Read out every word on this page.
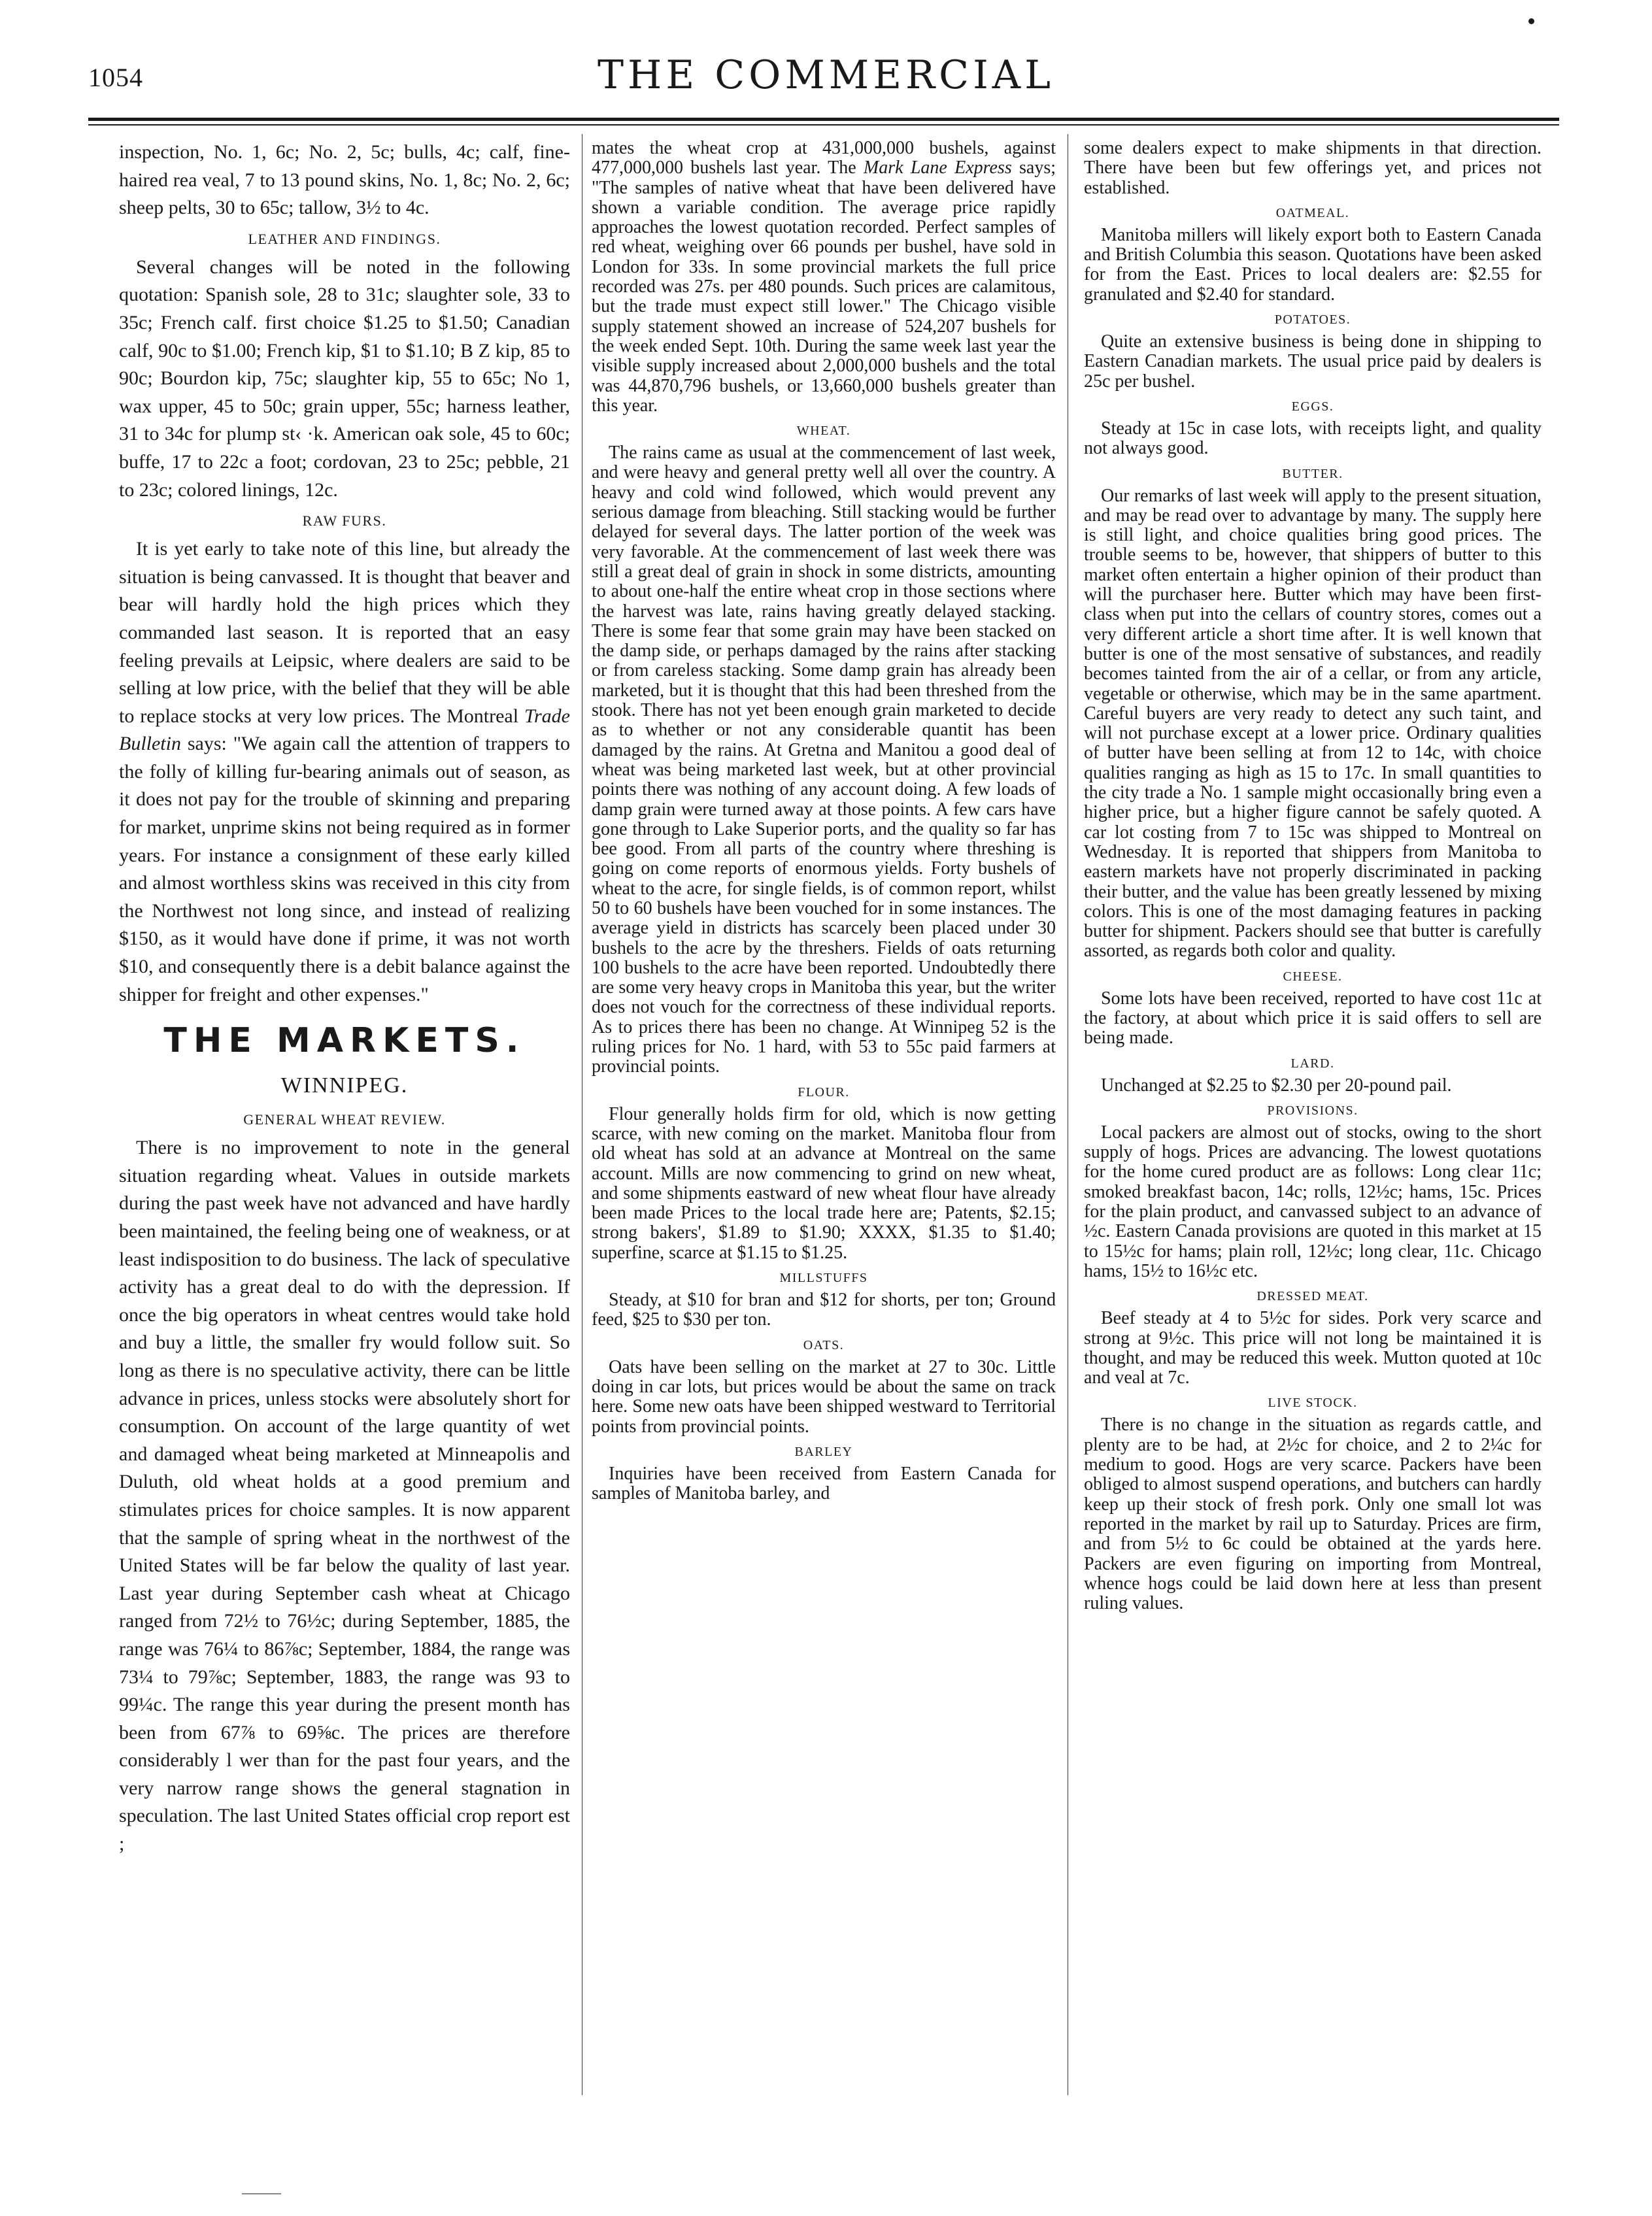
1054	THE COMMERCIAL

inspection, No. 1, 6c; No. 2, 5c; bulls, 4c; calf, fine-haired rea veal, 7 to 13 pound skins, No. 1, 8c; No. 2, 6c; sheep pelts, 30 to 65c; tallow, 3½ to 4c.

LEATHER AND FINDINGS.

Several changes will be noted in the following quotation: Spanish sole, 28 to 31c; slaughter sole, 33 to 35c; French calf. first choice $1.25 to $1.50; Canadian calf, 90c to $1.00; French kip, $1 to $1.10; B Z kip, 85 to 90c; Bourdon kip, 75c; slaughter kip, 55 to 65c; No 1, wax upper, 45 to 50c; grain upper, 55c; harness leather, 31 to 34c for plump st‹ ·k. American oak sole, 45 to 60c; buffe, 17 to 22c a foot; cordovan, 23 to 25c; pebble, 21 to 23c; colored linings, 12c.

RAW FURS.

It is yet early to take note of this line, but already the situation is being canvassed. It is thought that beaver and bear will hardly hold the high prices which they commanded last season. It is reported that an easy feeling prevails at Leipsic, where dealers are said to be selling at low price, with the belief that they will be able to replace stocks at very low prices. The Montreal Trade Bulletin says: "We again call the attention of trappers to the folly of killing fur-bearing animals out of season, as it does not pay for the trouble of skinning and preparing for market, unprime skins not being required as in former years. For instance a consignment of these early killed and almost worthless skins was received in this city from the Northwest not long since, and instead of realizing $150, as it would have done if prime, it was not worth $10, and consequently there is a debit balance against the shipper for freight and other expenses."

THE MARKETS.
WINNIPEG.
GENERAL WHEAT REVIEW.

There is no improvement to note in the general situation regarding wheat. Values in outside markets during the past week have not advanced and have hardly been maintained, the feeling being one of weakness, or at least indisposition to do business. The lack of speculative activity has a great deal to do with the depression. If once the big operators in wheat centres would take hold and buy a little, the smaller fry would follow suit. So long as there is no speculative activity, there can be little advance in prices, unless stocks were absolutely short for consumption. On account of the large quantity of wet and damaged wheat being marketed at Minneapolis and Duluth, old wheat holds at a good premium and stimulates prices for choice samples. It is now apparent that the sample of spring wheat in the northwest of the United States will be far below the quality of last year. Last year during September cash wheat at Chicago ranged from 72½ to 76½c; during September, 1885, the range was 76¼ to 86⅞c; September, 1884, the range was 73¼ to 79⅞c; September, 1883, the range was 93 to 99¼c. The range this year during the present month has been from 67⅞ to 69⅝c. The prices are therefore considerably l wer than for the past four years, and the very narrow range shows the general stagnation in speculation. The last United States official crop report est ;

mates the wheat crop at 431,000,000 bushels, against 477,000,000 bushels last year. The Mark Lane Express says; "The samples of native wheat that have been delivered have shown a variable condition. The average price rapidly approaches the lowest quotation recorded. Perfect samples of red wheat, weighing over 66 pounds per bushel, have sold in London for 33s. In some provincial markets the full price recorded was 27s. per 480 pounds. Such prices are calamitous, but the trade must expect still lower." The Chicago visible supply statement showed an increase of 524,207 bushels for the week ended Sept. 10th. During the same week last year the visible supply increased about 2,000,000 bushels and the total was 44,870,796 bushels, or 13,660,000 bushels greater than this year.

WHEAT.

The rains came as usual at the commencement of last week, and were heavy and general pretty well all over the country. A heavy and cold wind followed, which would prevent any serious damage from bleaching. Still stacking would be further delayed for several days. The latter portion of the week was very favorable. At the commencement of last week there was still a great deal of grain in shock in some districts, amounting to about one-half the entire wheat crop in those sections where the harvest was late, rains having greatly delayed stacking. There is some fear that some grain may have been stacked on the damp side, or perhaps damaged by the rains after stacking or from careless stacking. Some damp grain has already been marketed, but it is thought that this had been threshed from the stook. There has not yet been enough grain marketed to decide as to whether or not any considerable quantit has been damaged by the rains. At Gretna and Manitou a good deal of wheat was being marketed last week, but at other provincial points there was nothing of any account doing. A few loads of damp grain were turned away at those points. A few cars have gone through to Lake Superior ports, and the quality so far has bee good. From all parts of the country where threshing is going on come reports of enormous yields. Forty bushels of wheat to the acre, for single fields, is of common report, whilst 50 to 60 bushels have been vouched for in some instances. The average yield in districts has scarcely been placed under 30 bushels to the acre by the threshers. Fields of oats returning 100 bushels to the acre have been reported. Undoubtedly there are some very heavy crops in Manitoba this year, but the writer does not vouch for the correctness of these individual reports. As to prices there has been no change. At Winnipeg 52 is the ruling prices for No. 1 hard, with 53 to 55c paid farmers at provincial points.

FLOUR.

Flour generally holds firm for old, which is now getting scarce, with new coming on the market. Manitoba flour from old wheat has sold at an advance at Montreal on the same account. Mills are now commencing to grind on new wheat, and some shipments eastward of new wheat flour have already been made Prices to the local trade here are; Patents, $2.15; strong bakers', $1.89 to $1.90; XXXX, $1.35 to $1.40; superfine, scarce at $1.15 to $1.25.

MILLSTUFFS

Steady, at $10 for bran and $12 for shorts, per ton; Ground feed, $25 to $30 per ton.

OATS.

Oats have been selling on the market at 27 to 30c. Little doing in car lots, but prices would be about the same on track here. Some new oats have been shipped westward to Territorial points from provincial points.

BARLEY

Inquiries have been received from Eastern Canada for samples of Manitoba barley, and

some dealers expect to make shipments in that direction. There have been but few offerings yet, and prices not established.

OATMEAL.

Manitoba millers will likely export both to Eastern Canada and British Columbia this season. Quotations have been asked for from the East. Prices to local dealers are: $2.55 for granulated and $2.40 for standard.

POTATOES.

Quite an extensive business is being done in shipping to Eastern Canadian markets. The usual price paid by dealers is 25c per bushel.

EGGS.

Steady at 15c in case lots, with receipts light, and quality not always good.

BUTTER.

Our remarks of last week will apply to the present situation, and may be read over to advantage by many. The supply here is still light, and choice qualities bring good prices. The trouble seems to be, however, that shippers of butter to this market often entertain a higher opinion of their product than will the purchaser here. Butter which may have been first-class when put into the cellars of country stores, comes out a very different article a short time after. It is well known that butter is one of the most sensative of substances, and readily becomes tainted from the air of a cellar, or from any article, vegetable or otherwise, which may be in the same apartment. Careful buyers are very ready to detect any such taint, and will not purchase except at a lower price. Ordinary qualities of butter have been selling at from 12 to 14c, with choice qualities ranging as high as 15 to 17c. In small quantities to the city trade a No. 1 sample might occasionally bring even a higher price, but a higher figure cannot be safely quoted. A car lot costing from 7 to 15c was shipped to Montreal on Wednesday. It is reported that shippers from Manitoba to eastern markets have not properly discriminated in packing their butter, and the value has been greatly lessened by mixing colors. This is one of the most damaging features in packing butter for shipment. Packers should see that butter is carefully assorted, as regards both color and quality.

CHEESE.

Some lots have been received, reported to have cost 11c at the factory, at about which price it is said offers to sell are being made.

LARD.

Unchanged at $2.25 to $2.30 per 20-pound pail.

PROVISIONS.

Local packers are almost out of stocks, owing to the short supply of hogs. Prices are advancing. The lowest quotations for the home cured product are as follows: Long clear 11c; smoked breakfast bacon, 14c; rolls, 12½c; hams, 15c. Prices for the plain product, and canvassed subject to an advance of ½c. Eastern Canada provisions are quoted in this market at 15 to 15½c for hams; plain roll, 12½c; long clear, 11c. Chicago hams, 15½ to 16½c etc.

DRESSED MEAT.

Beef steady at 4 to 5½c for sides. Pork very scarce and strong at 9½c. This price will not long be maintained it is thought, and may be reduced this week. Mutton quoted at 10c and veal at 7c.

LIVE STOCK.

There is no change in the situation as regards cattle, and plenty are to be had, at 2½c for choice, and 2 to 2¼c for medium to good. Hogs are very scarce. Packers have been obliged to almost suspend operations, and butchers can hardly keep up their stock of fresh pork. Only one small lot was reported in the market by rail up to Saturday. Prices are firm, and from 5½ to 6c could be obtained at the yards here. Packers are even figuring on importing from Montreal, whence hogs could be laid down here at less than present ruling values.
